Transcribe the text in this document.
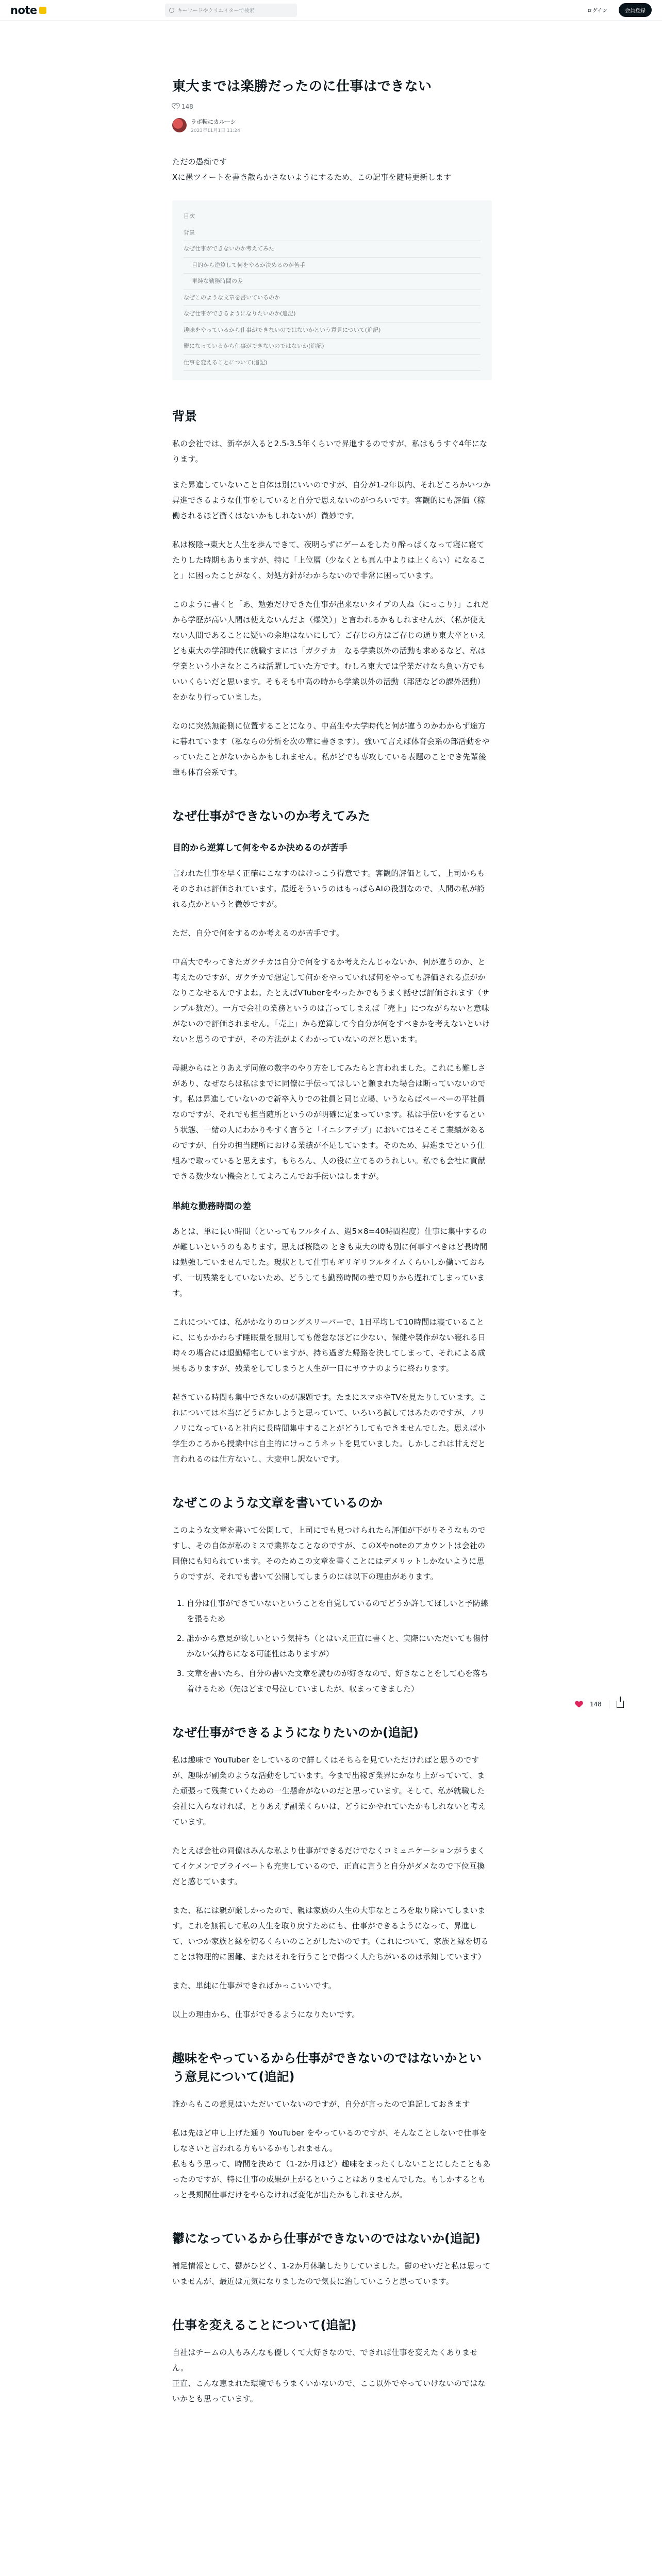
note	キーワードやクリエイターで検索	ログイン	会員登録
148
東大までは楽勝だったのに仕事はできない
148
ラボ転にカルーシ
2023年11月1日 11:24

ただの愚痴です
Xに愚ツイートを書き散らかさないようにするため、この記事を随時更新します

目次
背景
なぜ仕事ができないのか考えてみた
目的から逆算して何をやるか決めるのが苦手
単純な勤務時間の差
なぜこのような文章を書いているのか
なぜ仕事ができるようになりたいのか(追記)
趣味をやっているから仕事ができないのではないかという意見について(追記)
鬱になっているから仕事ができないのではないか(追記)
仕事を変えることについて(追記)
背景

私の会社では、新卒が入ると2.5-3.5年くらいで昇進するのですが、私はもうすぐ4年になります。

また昇進していないこと自体は別にいいのですが、自分が1-2年以内、それどころかいつか昇進できるような仕事をしていると自分で思えないのがつらいです。客観的にも評価（稼働されるほど衝くはないかもしれないが）微妙です。

私は桜陰→東大と人生を歩んできて、夜明らずにゲームをしたり酔っぱくなって寝に寝てたりした時期もありますが、特に「上位層（少なくとも真ん中よりは上くらい）になること」に困ったことがなく、対処方針がわからないので非常に困っています。

このように書くと「あ、勉強だけできた仕事が出来ないタイプの人ね（にっこり）」これだから学歴が高い人間は使えないんだよ（爆笑）」と言われるかもしれませんが、（私が使えない人間であることに疑いの余地はないにして）ご存じの方はご存じの通り東大卒といえども東大の学部時代に就職すまには「ガクチカ」なる学業以外の活動も求めるなど、私は学業という小さなところは活躍していた方です。むしろ東大では学業だけなら負い方でもいいくらいだと思います。そもそも中高の時から学業以外の活動（部活などの課外活動）をかなり行っていました。

なのに突然無能側に位置することになり、中高生や大学時代と何が違うのかわからず途方に暮れています（私ならの分析を次の章に書きます）。強いて言えば体育会系の部活動をやっていたことがないからかもしれません。私がどでも専攻している表題のことでき先輩後輩も体育会系です。

なぜ仕事ができないのか考えてみた
目的から逆算して何をやるか決めるのが苦手

言われた仕事を早く正確にこなすのはけっこう得意です。客観的評価として、上司からもそのされは評価されています。最近そういうのはもっぱらAIの役割なので、人間の私が誇れる点かというと微妙ですが。

ただ、自分で何をするのか考えるのが苦手です。

中高大でやってきたガクチカは自分で何をするか考えたんじゃないか、何が違うのか、と考えたのですが、ガクチカで想定して何かをやっていれば何をやっても評価される点がかなりこなせるんですよね。たとえばVTuberをやったかでもうまく話せば評価されます（サンプル数だ）。一方で会社の業務というのは言ってしまえば「売上」につながらないと意味がないので評価されません。「売上」から逆算して今自分が何をすべきかを考えないといけないと思うのですが、その方法がよくわかっていないのだと思います。

母親からはとりあえず同僚の数字のやり方をしてみたらと言われました。これにも難しさがあり、なぜならは私はまでに同僚に手伝ってはしいと頼まれた場合は断っていないのです。私は昇進していないので新卒入りでの社員と同じ立場、いうならばペーペーの平社員なのですが、それでも担当随所というのが明確に定まっています。私は手伝いをするという状態、一緒の人にわかりやすく言うと「イニシアチブ」においてはそこそこ業績があるのですが、自分の担当随所における業績が不足しています。そのため、昇進までという仕組みで取っていると思えます。もちろん、人の役に立てるのうれしい。私でも会社に貢献できる数少ない機会としてよろこんでお手伝いはしますが。

単純な勤務時間の差

あとは、単に長い時間（といってもフルタイム、週5×8=40時間程度）仕事に集中するのが難しいというのもあります。思えば桜陰の ときも東大の時も別に何事すべきはど長時間は勉強していませんでした。現状として仕事もギリギリフルタイムくらいしか働いておらず、一切残業をしていないため、どうしても勤務時間の差で周りから遅れてしまっています。

これについては、私がかなりのロングスリーパーで、1日平均して10時間は寝ていることに、にもかかわらず睡眠量を服用しても倦怠なほどに少ない、保健や製作がない寝れる日時々の場合には退勤帰宅していますが、持ち過ぎた帰路を決してしまって、それによる成果もありますが、残業をしてしまうと人生が一日にサウナのように終わります。

起きている時間も集中できないのが課題です。たまにスマホやTVを見たりしています。これについては本当にどうにかしようと思っていて、いろいろ試してはみたのですが、ノリノリになっていると社内に長時間集中することがどうしてもできませんでした。思えば小学生のころから授業中は自主的にけっこうネットを見ていました。しかしこれは甘えだと言われるのは仕方ないし、大変申し訳ないです。

なぜこのような文章を書いているのか

このような文章を書いて公開して、上司にでも見つけられたら評価が下がりそうなものですし、その自体が私のミスで業界なことなのですが、このXやnoteのアカウントは会社の同僚にも知られています。そのためこの文章を書くことにはデメリットしかないように思うのですが、それでも書いて公開してしまうのには以下の理由があります。

1. 自分は仕事ができていないということを自覚しているのでどうか許してほしいと予防線を張るため
2. 誰かから意見が欲しいという気持ち（とはいえ正直に書くと、実際にいただいても傷付かない気持ちになる可能性はありますが）
3. 文章を書いたら、自分の書いた文章を読むのが好きなので、好きなことをして心を落ち着けるため（先ほどまで号泣していましたが、収まってきました）
なぜ仕事ができるようになりたいのか(追記)

私は趣味で YouTuber をしているので詳しくはそちらを見ていただければと思うのですが、趣味が副業のような活動をしています。今まで出稼ぎ業界にかなり上がっていて、また頑張って残業ていくための一生懸命がないのだと思っています。そして、私が就職した会社に入らなければ、とりあえず副業くらいは、どうにかやれていたかもしれないと考えています。

たとえば会社の同僚はみんな私より仕事ができるだけでなくコミュニケーションがうまくてイケメンでプライベートも充実しているので、正直に言うと自分がダメなので下位互換だと感じています。

また、私には親が厳しかったので、親は家族の人生の大事なところを取り除いてしまいます。これを無視して私の人生を取り戻すためにも、仕事ができるようになって、昇進して、いつか家族と縁を切るくらいのことがしたいのです。（これについて、家族と縁を切ることは物理的に困難、またはそれを行うことで傷つく人たちがいるのは承知しています）

また、単純に仕事ができればかっこいいです。

以上の理由から、仕事ができるようになりたいです。

趣味をやっているから仕事ができないのではないかという意見について(追記)

誰からもこの意見はいただいていないのですが、自分が言ったので追記しておきます

私は先ほど申し上げた通り YouTuber をやっているのですが、そんなことしないで仕事をしなさいと言われる方もいるかもしれません。
私ももう思って、時間を決めて（1-2か月ほど）趣味をまったくしないことにしたこともあったのですが、特に仕事の成果が上がるということはありませんでした。もしかするともっと長期間仕事だけをやらなければ変化が出たかもしれませんが。

鬱になっているから仕事ができないのではないか(追記)

補足情報として、鬱がひどく、1-2か月休職したりしていました。鬱のせいだと私は思っていませんが、最近は元気になりましたので気長に治していこうと思っています。

仕事を変えることについて(追記)

自社はチームの人もみんなも優しくて大好きなので、できれば仕事を変えたくありません。
正直、こんな恵まれた環境でもうまくいかないので、ここ以外でやっていけないのではないかとも思っています。
